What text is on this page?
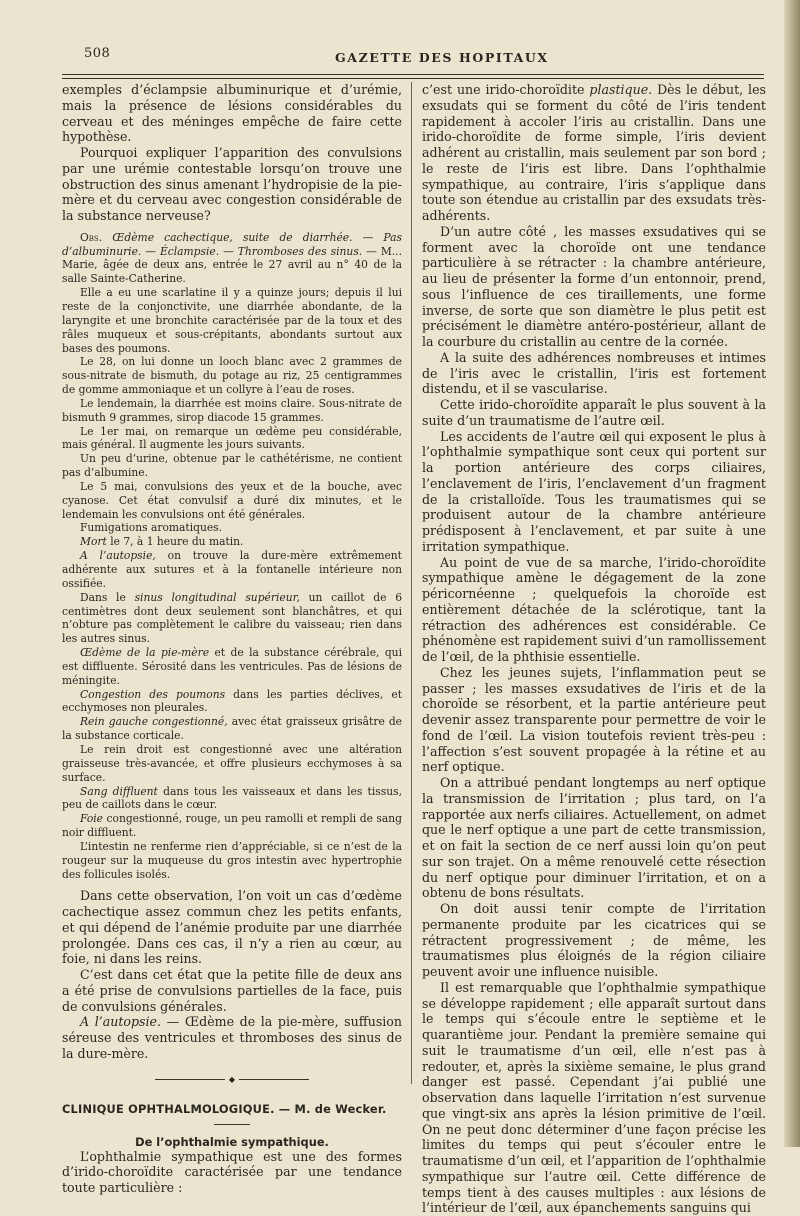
508	GAZETTE DES HOPITAUX

exemples d’éclampsie albuminurique et d’urémie, mais la présence de lésions considérables du cerveau et des méninges empêche de faire cette hypothèse.

Pourquoi expliquer l’apparition des convulsions par une urémie contestable lorsqu’on trouve une obstruction des sinus amenant l’hydropisie de la pie-mère et du cerveau avec congestion considérable de la substance nerveuse?

Obs. Œdème cachectique, suite de diarrhée. — Pas d’albuminurie. — Éclampsie. — Thromboses des sinus. — M... Marie, âgée de deux ans, entrée le 27 avril au n° 40 de la salle Sainte-Catherine.

Elle a eu une scarlatine il y a quinze jours; depuis il lui reste de la conjonctivite, une diarrhée abondante, de la laryngite et une bronchite caractérisée par de la toux et des râles muqueux et sous-crépitants, abondants surtout aux bases des poumons.

Le 28, on lui donne un looch blanc avec 2 grammes de sous-nitrate de bismuth, du potage au riz, 25 centigrammes de gomme ammoniaque et un collyre à l’eau de roses.

Le lendemain, la diarrhée est moins claire. Sous-nitrate de bismuth 9 grammes, sirop diacode 15 grammes.

Le 1er mai, on remarque un œdème peu considérable, mais général. Il augmente les jours suivants.

Un peu d’urine, obtenue par le cathétérisme, ne contient pas d’albumine.

Le 5 mai, convulsions des yeux et de la bouche, avec cyanose. Cet état convulsif a duré dix minutes, et le lendemain les convulsions ont été générales.

Fumigations aromatiques.

Mort le 7, à 1 heure du matin.

A l’autopsie, on trouve la dure-mère extrêmement adhérente aux sutures et à la fontanelle intérieure non ossifiée.

Dans le sinus longitudinal supérieur, un caillot de 6 centimètres dont deux seulement sont blanchâtres, et qui n’obture pas complètement le calibre du vaisseau; rien dans les autres sinus.

Œdème de la pie-mère et de la substance cérébrale, qui est diffluente. Sérosité dans les ventricules. Pas de lésions de méningite.

Congestion des poumons dans les parties déclives, et ecchymoses non pleurales.

Rein gauche congestionné, avec état graisseux grisâtre de la substance corticale.

Le rein droit est congestionné avec une altération graisseuse très-avancée, et offre plusieurs ecchymoses à sa surface.

Sang diffluent dans tous les vaisseaux et dans les tissus, peu de caillots dans le cœur.

Foie congestionné, rouge, un peu ramolli et rempli de sang noir diffluent.

L’intestin ne renferme rien d’appréciable, si ce n’est de la rougeur sur la muqueuse du gros intestin avec hypertrophie des follicules isolés.

Dans cette observation, l’on voit un cas d’œdème cachectique assez commun chez les petits enfants, et qui dépend de l’anémie produite par une diarrhée prolongée. Dans ces cas, il n’y a rien au cœur, au foie, ni dans les reins.

C’est dans cet état que la petite fille de deux ans a été prise de convulsions partielles de la face, puis de convulsions générales.

A l’autopsie. — Œdème de la pie-mère, suffusion séreuse des ventricules et thromboses des sinus de la dure-mère.

◆

CLINIQUE OPHTHALMOLOGIQUE. — M. de Wecker.

De l’ophthalmie sympathique.

L’ophthalmie sympathique est une des formes d’irido-choroïdite caractérisée par une tendance toute particulière :

c’est une irido-choroïdite plastique. Dès le début, les exsudats qui se forment du côté de l’iris tendent rapidement à accoler l’iris au cristallin. Dans une irido-choroïdite de forme simple, l’iris devient adhérent au cristallin, mais seulement par son bord ; le reste de l’iris est libre. Dans l’ophthalmie sympathique, au contraire, l’iris s’applique dans toute son étendue au cristallin par des exsudats très-adhérents.

D’un autre côté , les masses exsudatives qui se forment avec la choroïde ont une tendance particulière à se rétracter : la chambre antérieure, au lieu de présenter la forme d’un entonnoir, prend, sous l’influence de ces tiraillements, une forme inverse, de sorte que son diamètre le plus petit est précisément le diamètre antéro-postérieur, allant de la courbure du cristallin au centre de la cornée.

A la suite des adhérences nombreuses et intimes de l’iris avec le cristallin, l’iris est fortement distendu, et il se vascularise.

Cette irido-choroïdite apparaît le plus souvent à la suite d’un traumatisme de l’autre œil.

Les accidents de l’autre œil qui exposent le plus à l’ophthalmie sympathique sont ceux qui portent sur la portion antérieure des corps ciliaires, l’enclavement de l’iris, l’enclavement d’un fragment de la cristalloïde. Tous les traumatismes qui se produisent autour de la chambre antérieure prédisposent à l’enclavement, et par suite à une irritation sympathique.

Au point de vue de sa marche, l’irido-choroïdite sympathique amène le dégagement de la zone péricornéenne ; quelquefois la choroïde est entièrement détachée de la sclérotique, tant la rétraction des adhérences est considérable. Ce phénomène est rapidement suivi d’un ramollissement de l’œil, de la phthisie essentielle.

Chez les jeunes sujets, l’inflammation peut se passer ; les masses exsudatives de l’iris et de la choroïde se résorbent, et la partie antérieure peut devenir assez transparente pour permettre de voir le fond de l’œil. La vision toutefois revient très-peu : l’affection s’est souvent propagée à la rétine et au nerf optique.

On a attribué pendant longtemps au nerf optique la transmission de l’irritation ; plus tard, on l’a rapportée aux nerfs ciliaires. Actuellement, on admet que le nerf optique a une part de cette transmission, et on fait la section de ce nerf aussi loin qu’on peut sur son trajet. On a même renouvelé cette résection du nerf optique pour diminuer l’irritation, et on a obtenu de bons résultats.

On doit aussi tenir compte de l’irritation permanente produite par les cicatrices qui se rétractent progressivement ; de même, les traumatismes plus éloignés de la région ciliaire peuvent avoir une influence nuisible.

Il est remarquable que l’ophthalmie sympathique se développe rapidement ; elle apparaît surtout dans le temps qui s’écoule entre le septième et le quarantième jour. Pendant la première semaine qui suit le traumatisme d’un œil, elle n’est pas à redouter, et, après la sixième semaine, le plus grand danger est passé. Cependant j’ai publié une observation dans laquelle l’irritation n’est survenue que vingt-six ans après la lésion primitive de l’œil. On ne peut donc déterminer d’une façon précise les limites du temps qui peut s’écouler entre le traumatisme d’un œil, et l’apparition de l’ophthalmie sympathique sur l’autre œil. Cette différence de temps tient à des causes multiples : aux lésions de l’intérieur de l’œil, aux épanchements sanguins qui
